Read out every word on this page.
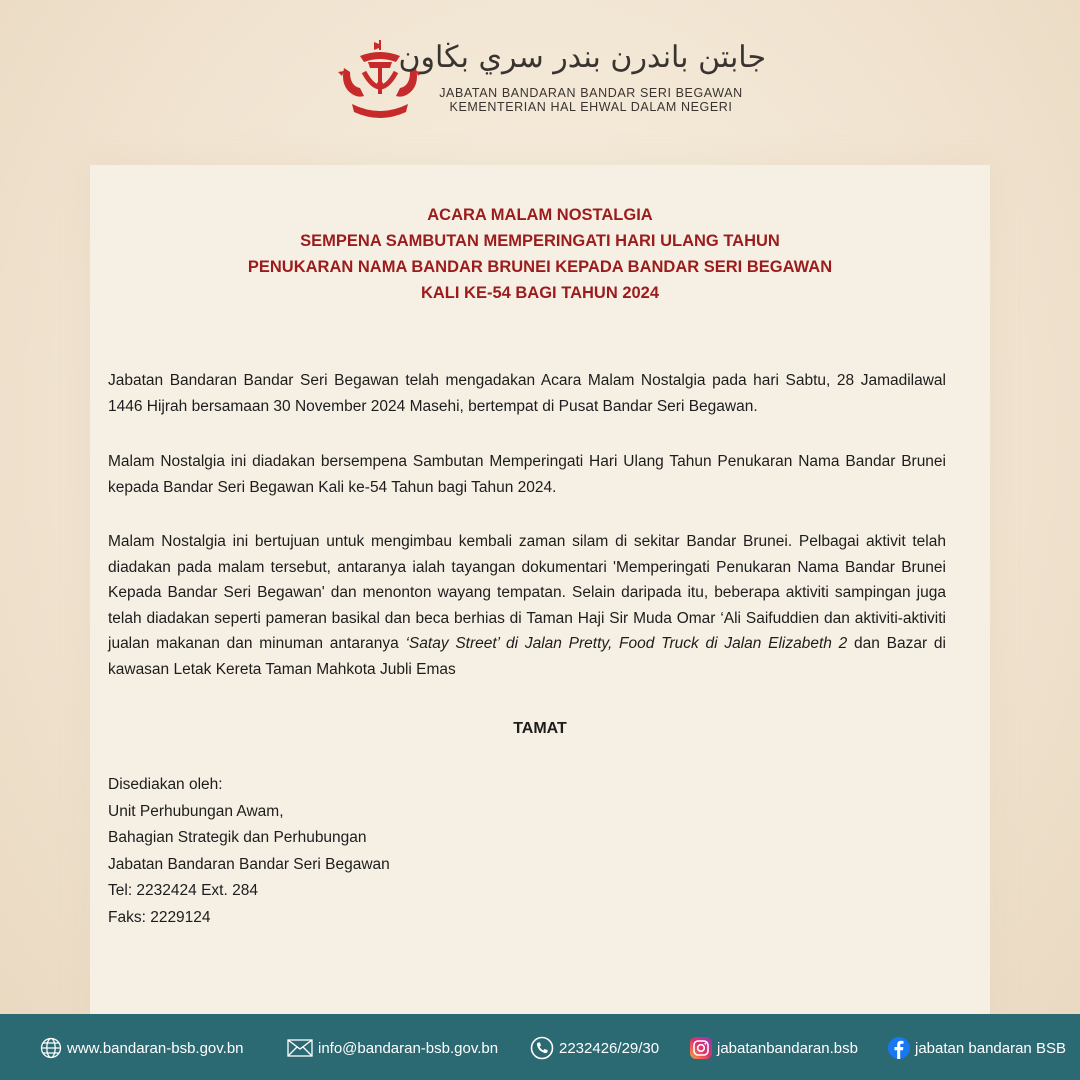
جابتن باندرن بندر سري بڬاون
JABATAN BANDARAN BANDAR SERI BEGAWAN
KEMENTERIAN HAL EHWAL DALAM NEGERI
ACARA MALAM NOSTALGIA
SEMPENA SAMBUTAN MEMPERINGATI HARI ULANG TAHUN
PENUKARAN NAMA BANDAR BRUNEI KEPADA BANDAR SERI BEGAWAN
KALI KE-54 BAGI TAHUN 2024
Jabatan Bandaran Bandar Seri Begawan telah mengadakan Acara Malam Nostalgia pada hari Sabtu, 28 Jamadilawal 1446 Hijrah bersamaan 30 November 2024 Masehi, bertempat di Pusat Bandar Seri Begawan.
Malam Nostalgia ini diadakan bersempena Sambutan Memperingati Hari Ulang Tahun Penukaran Nama Bandar Brunei kepada Bandar Seri Begawan Kali ke-54 Tahun bagi Tahun 2024.
Malam Nostalgia ini bertujuan untuk mengimbau kembali zaman silam di sekitar Bandar Brunei. Pelbagai aktivit telah diadakan pada malam tersebut, antaranya ialah tayangan dokumentari 'Memperingati Penukaran Nama Bandar Brunei Kepada Bandar Seri Begawan' dan menonton wayang tempatan. Selain daripada itu, beberapa aktiviti sampingan juga telah diadakan seperti pameran basikal dan beca berhias di Taman Haji Sir Muda Omar ‘Ali Saifuddien dan aktiviti-aktiviti jualan makanan dan minuman antaranya ‘Satay Street’ di Jalan Pretty, Food Truck di Jalan Elizabeth 2 dan Bazar di kawasan Letak Kereta Taman Mahkota Jubli Emas
TAMAT
Disediakan oleh:
Unit Perhubungan Awam,
Bahagian Strategik dan Perhubungan
Jabatan Bandaran Bandar Seri Begawan
Tel: 2232424 Ext. 284
Faks: 2229124
www.bandaran-bsb.gov.bn	info@bandaran-bsb.gov.bn	2232426/29/30	jabatanbandaran.bsb	jabatan bandaran BSB
